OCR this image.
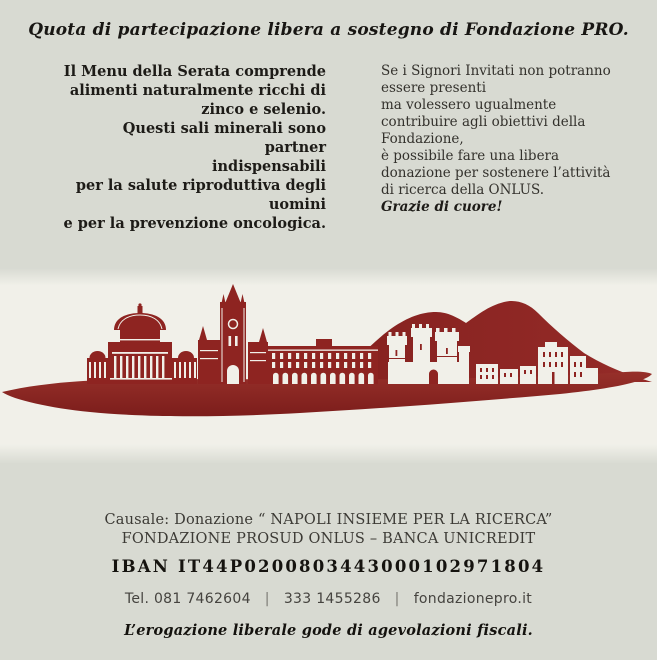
Quota di partecipazione libera a sostegno di Fondazione PRO.
Il Menu della Serata comprende
alimenti naturalmente ricchi di
zinco e selenio.
Questi sali minerali sono partner
indispensabili
per la salute riproduttiva degli
uomini
e per la prevenzione oncologica.
Se i Signori Invitati non potranno
essere presenti
ma volessero ugualmente
contribuire agli obiettivi della
Fondazione,
è possibile fare una libera
donazione per sostenere l’attività
di ricerca della ONLUS.
Grazie di cuore!
Causale: Donazione “ NAPOLI INSIEME PER LA RICERCA”
FONDAZIONE PROSUD ONLUS – BANCA UNICREDIT
IBAN IT44P0200803443000102971804
Tel. 081 7462604 | 333 1455286 | fondazionepro.it
L’erogazione liberale gode di agevolazioni fiscali.
